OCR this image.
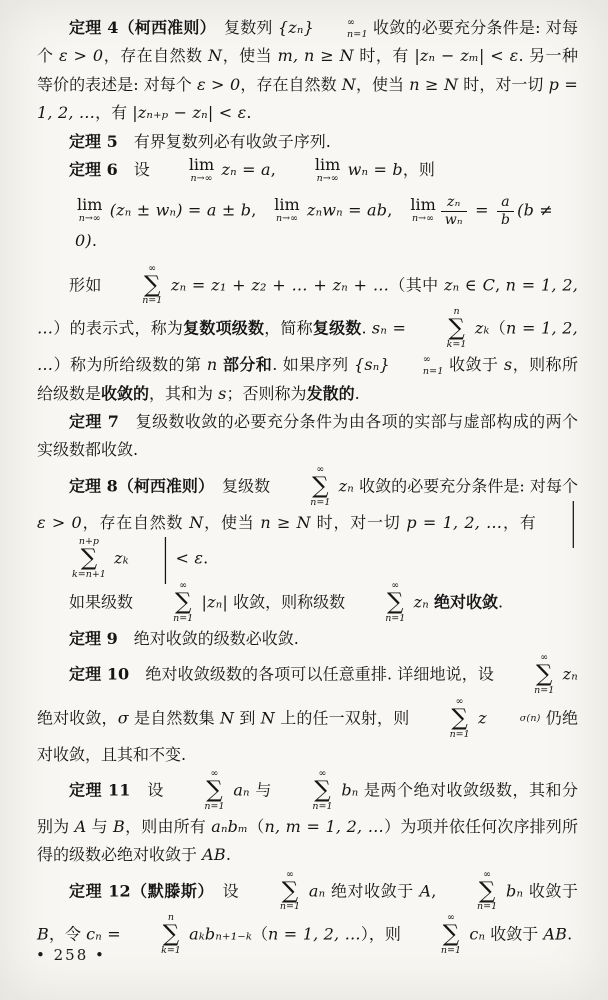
定理 4（柯西准则）　复数列 {zₙ}	∞
n=1 收敛的必要充分条件是: 对每个 ε > 0，存在自然数 N，使当 m, n ≥ N 时，有 |zₙ − zₘ| < ε. 另一种等价的表述是: 对每个 ε > 0，存在自然数 N，使当 n ≥ N 时，对一切 p = 1, 2, …，有 |zₙ₊ₚ − zₙ| < ε.
定理 5　有界复数列必有收敛子序列.
定理 6　设	lim
n→∞ zₙ = a,	lim
n→∞ wₙ = b，则
lim
n→∞ (zₙ ± wₙ) = a ± b,　 lim
n→∞ zₙwₙ = ab,　 lim
$n\to\infty \frac{\text{zₙ}}{\text{wₙ}} = \frac{a}{b} (b \ne 0)$.
形如
∞
∑
n=1
zₙ = z₁ + z₂ + … + zₙ + …（其中 zₙ ∈ C, n = 1, 2, …）的表示式，称为复数项级数，简称复级数. sₙ =
n
∑
k=1
zₖ（n = 1, 2, …）称为所给级数的第 n 部分和. 如果序列 {sₙ}	∞
n=1 收敛于 s，则称所给级数是收敛的，其和为 s；否则称为发散的.
定理 7　复级数收敛的必要充分条件为由各项的实部与虚部构成的两个实级数都收敛.
定理 8（柯西准则）　复级数
∞
∑
n=1
zₙ 收敛的必要充分条件是: 对每个 ε > 0，存在自然数 N，使当 n ≥ N 时，对一切 p = 1, 2, …，有 |
n+p
∑
k=n+1
zₖ | < ε.
如果级数
∞
∑
n=1
|zₙ| 收敛，则称级数
∞
∑
n=1
zₙ 绝对收敛.
定理 9　绝对收敛的级数必收敛.
定理 10　绝对收敛级数的各项可以任意重排. 详细地说，设
∞
∑
n=1
zₙ 绝对收敛，σ 是自然数集 N 到 N 上的任一双射，则
∞
∑
n=1
z	σ(n) 仍绝对收敛，且其和不变.
定理 11　设
∞
∑
n=1
aₙ 与
∞
∑
n=1
bₙ 是两个绝对收敛级数，其和分别为 A 与 B，则由所有 aₙbₘ（n, m = 1, 2, …）为项并依任何次序排列所得的级数必绝对收敛于 AB.
定理 12（默滕斯）　设
∞
∑
n=1
aₙ 绝对收敛于 A,
∞
∑
n=1
bₙ 收敛于 B，令 cₙ =
n
∑
k=1
aₖbₙ₊₁₋ₖ（n = 1, 2, …），则
∞
∑
n=1
cₙ 收敛于 AB.
• 258 •
